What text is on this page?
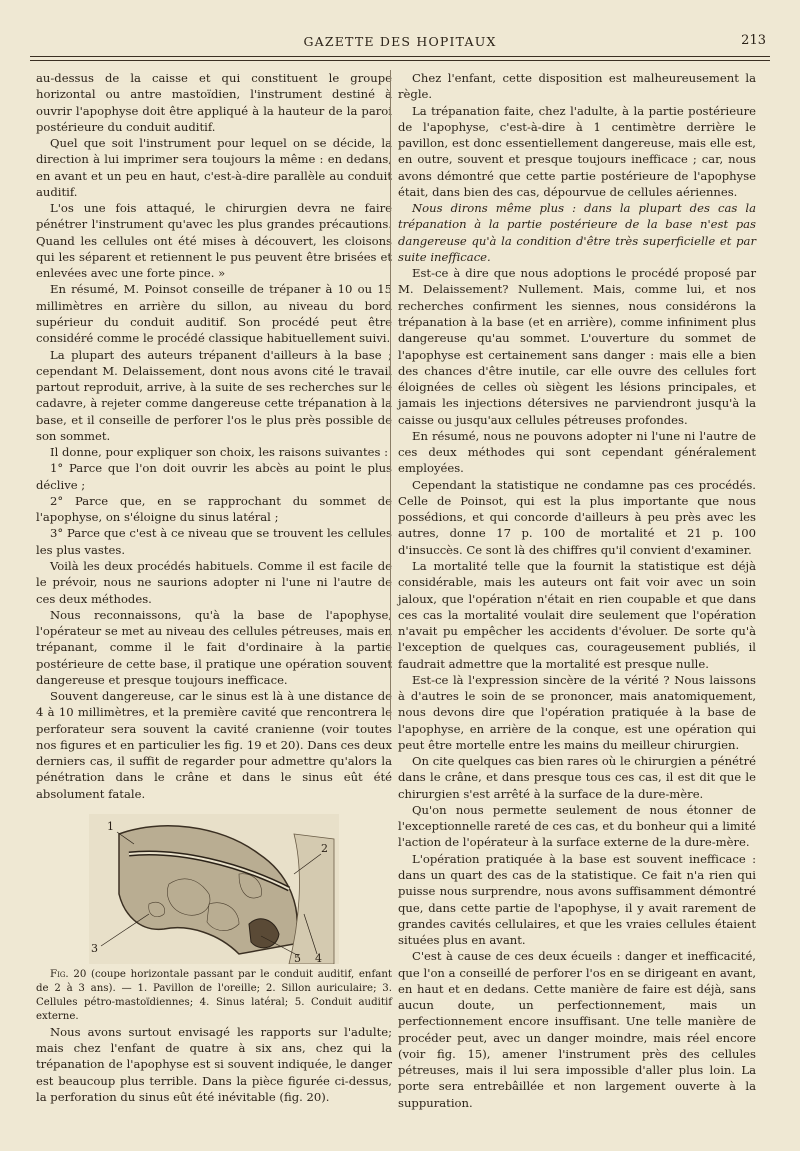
GAZETTE DES HOPITAUX	213

au-dessus de la caisse et qui constituent le groupe horizontal ou antre mastoïdien, l'instrument destiné à ouvrir l'apophyse doit être appliqué à la hauteur de la paroi postérieure du conduit auditif.

Quel que soit l'instrument pour lequel on se décide, la direction à lui imprimer sera toujours la même : en dedans, en avant et un peu en haut, c'est-à-dire parallèle au conduit auditif.

L'os une fois attaqué, le chirurgien devra ne faire pénétrer l'instrument qu'avec les plus grandes précautions. Quand les cellules ont été mises à découvert, les cloisons qui les séparent et retiennent le pus peuvent être brisées et enlevées avec une forte pince. »

En résumé, M. Poinsot conseille de trépaner à 10 ou 15 millimètres en arrière du sillon, au niveau du bord supérieur du conduit auditif. Son procédé peut être considéré comme le procédé classique habituellement suivi.

La plupart des auteurs trépanent d'ailleurs à la base ; cependant M. Delaissement, dont nous avons cité le travail partout reproduit, arrive, à la suite de ses recherches sur le cadavre, à rejeter comme dangereuse cette trépanation à la base, et il conseille de perforer l'os le plus près possible de son sommet.

Il donne, pour expliquer son choix, les raisons suivantes :

1° Parce que l'on doit ouvrir les abcès au point le plus déclive ;

2° Parce que, en se rapprochant du sommet de l'apophyse, on s'éloigne du sinus latéral ;

3° Parce que c'est à ce niveau que se trouvent les cellules les plus vastes.

Voilà les deux procédés habituels. Comme il est facile de le prévoir, nous ne saurions adopter ni l'une ni l'autre de ces deux méthodes.

Nous reconnaissons, qu'à la base de l'apophyse, l'opérateur se met au niveau des cellules pétreuses, mais en trépanant, comme il le fait d'ordinaire à la partie postérieure de cette base, il pratique une opération souvent dangereuse et presque toujours inefficace.

Souvent dangereuse, car le sinus est là à une distance de 4 à 10 millimètres, et la première cavité que rencontrera le perforateur sera souvent la cavité cranienne (voir toutes nos figures et en particulier les fig. 19 et 20). Dans ces deux derniers cas, il suffit de regarder pour admettre qu'alors la pénétration dans le crâne et dans le sinus eût été absolument fatale.

1
2
3
4
5

Fig. 20 (coupe horizontale passant par le conduit auditif, enfant de 2 à 3 ans). — 1. Pavillon de l'oreille; 2. Sillon auriculaire; 3. Cellules pétro-mastoïdiennes; 4. Sinus latéral; 5. Conduit auditif externe.

Nous avons surtout envisagé les rapports sur l'adulte; mais chez l'enfant de quatre à six ans, chez qui la trépanation de l'apophyse est si souvent indiquée, le danger est beaucoup plus terrible. Dans la pièce figurée ci-dessus, la perforation du sinus eût été inévitable (fig. 20).

Chez l'enfant, cette disposition est malheureusement la règle.

La trépanation faite, chez l'adulte, à la partie postérieure de l'apophyse, c'est-à-dire à 1 centimètre derrière le pavillon, est donc essentiellement dangereuse, mais elle est, en outre, souvent et presque toujours inefficace ; car, nous avons démontré que cette partie postérieure de l'apophyse était, dans bien des cas, dépourvue de cellules aériennes.

Nous dirons même plus : dans la plupart des cas la trépanation à la partie postérieure de la base n'est pas dangereuse qu'à la condition d'être très superficielle et par suite inefficace.

Est-ce à dire que nous adoptions le procédé proposé par M. Delaissement? Nullement. Mais, comme lui, et nos recherches confirment les siennes, nous considérons la trépanation à la base (et en arrière), comme infiniment plus dangereuse qu'au sommet. L'ouverture du sommet de l'apophyse est certainement sans danger : mais elle a bien des chances d'être inutile, car elle ouvre des cellules fort éloignées de celles où siègent les lésions principales, et jamais les injections détersives ne parviendront jusqu'à la caisse ou jusqu'aux cellules pétreuses profondes.

En résumé, nous ne pouvons adopter ni l'une ni l'autre de ces deux méthodes qui sont cependant généralement employées.

Cependant la statistique ne condamne pas ces procédés. Celle de Poinsot, qui est la plus importante que nous possédions, et qui concorde d'ailleurs à peu près avec les autres, donne 17 p. 100 de mortalité et 21 p. 100 d'insuccès. Ce sont là des chiffres qu'il convient d'examiner.

La mortalité telle que la fournit la statistique est déjà considérable, mais les auteurs ont fait voir avec un soin jaloux, que l'opération n'était en rien coupable et que dans ces cas la mortalité voulait dire seulement que l'opération n'avait pu empêcher les accidents d'évoluer. De sorte qu'à l'exception de quelques cas, courageusement publiés, il faudrait admettre que la mortalité est presque nulle.

Est-ce là l'expression sincère de la vérité ? Nous laissons à d'autres le soin de se prononcer, mais anatomiquement, nous devons dire que l'opération pratiquée à la base de l'apophyse, en arrière de la conque, est une opération qui peut être mortelle entre les mains du meilleur chirurgien.

On cite quelques cas bien rares où le chirurgien a pénétré dans le crâne, et dans presque tous ces cas, il est dit que le chirurgien s'est arrêté à la surface de la dure-mère.

Qu'on nous permette seulement de nous étonner de l'exceptionnelle rareté de ces cas, et du bonheur qui a limité l'action de l'opérateur à la surface externe de la dure-mère.

L'opération pratiquée à la base est souvent inefficace : dans un quart des cas de la statistique. Ce fait n'a rien qui puisse nous surprendre, nous avons suffisamment démontré que, dans cette partie de l'apophyse, il y avait rarement de grandes cavités cellulaires, et que les vraies cellules étaient situées plus en avant.

C'est à cause de ces deux écueils : danger et inefficacité, que l'on a conseillé de perforer l'os en se dirigeant en avant, en haut et en dedans. Cette manière de faire est déjà, sans aucun doute, un perfectionnement, mais un perfectionnement encore insuffisant. Une telle manière de procéder peut, avec un danger moindre, mais réel encore (voir fig. 15), amener l'instrument près des cellules pétreuses, mais il lui sera impossible d'aller plus loin. La porte sera entrebâillée et non largement ouverte à la suppuration.
